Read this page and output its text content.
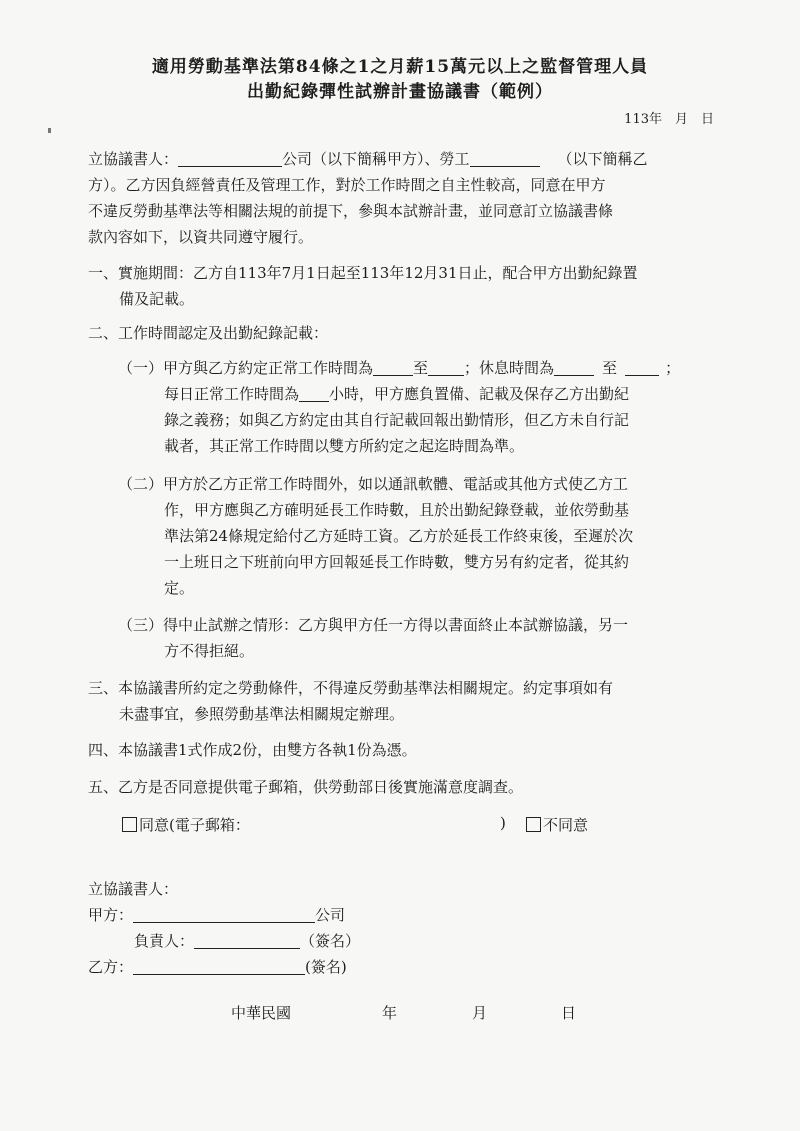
適用勞動基準法第84條之1之月薪15萬元以上之監督管理人員
出勤紀錄彈性試辦計畫協議書（範例）
113年　月　日
立協議書人：	公司（以下簡稱甲方）、勞工	（以下簡稱乙
方）。乙方因負經營責任及管理工作，對於工作時間之自主性較高，同意在甲方
不違反勞動基準法等相關法規的前提下，參與本試辦計畫，並同意訂立協議書條
款內容如下，以資共同遵守履行。
一、實施期間：乙方自113年7月1日起至113年12月31日止，配合甲方出勤紀錄置
備及記載。
二、工作時間認定及出勤紀錄記載：
（一）甲方與乙方約定正常工作時間為	至 ；休息時間為	至	；
每日正常工作時間為 小時，甲方應負置備、記載及保存乙方出勤紀
錄之義務；如與乙方約定由其自行記載回報出勤情形，但乙方未自行記
載者，其正常工作時間以雙方所約定之起迄時間為準。
（二）甲方於乙方正常工作時間外，如以通訊軟體、電話或其他方式使乙方工
作，甲方應與乙方確明延長工作時數，且於出勤紀錄登載，並依勞動基
準法第24條規定給付乙方延時工資。乙方於延長工作終束後，至遲於次
一上班日之下班前向甲方回報延長工作時數，雙方另有約定者，從其約
定。
（三）得中止試辦之情形：乙方與甲方任一方得以書面終止本試辦協議，另一
方不得拒絕。
三、本協議書所約定之勞動條件，不得違反勞動基準法相關規定。約定事項如有
未盡事宜，參照勞動基準法相關規定辦理。
四、本協議書1式作成2份，由雙方各執1份為憑。
五、乙方是否同意提供電子郵箱，供勞動部日後實施滿意度調查。
同意(電子郵箱：	)	不同意
立協議書人：
甲方：	公司
負責人：	（簽名）
乙方：	(簽名)
中華民國	年	月	日
